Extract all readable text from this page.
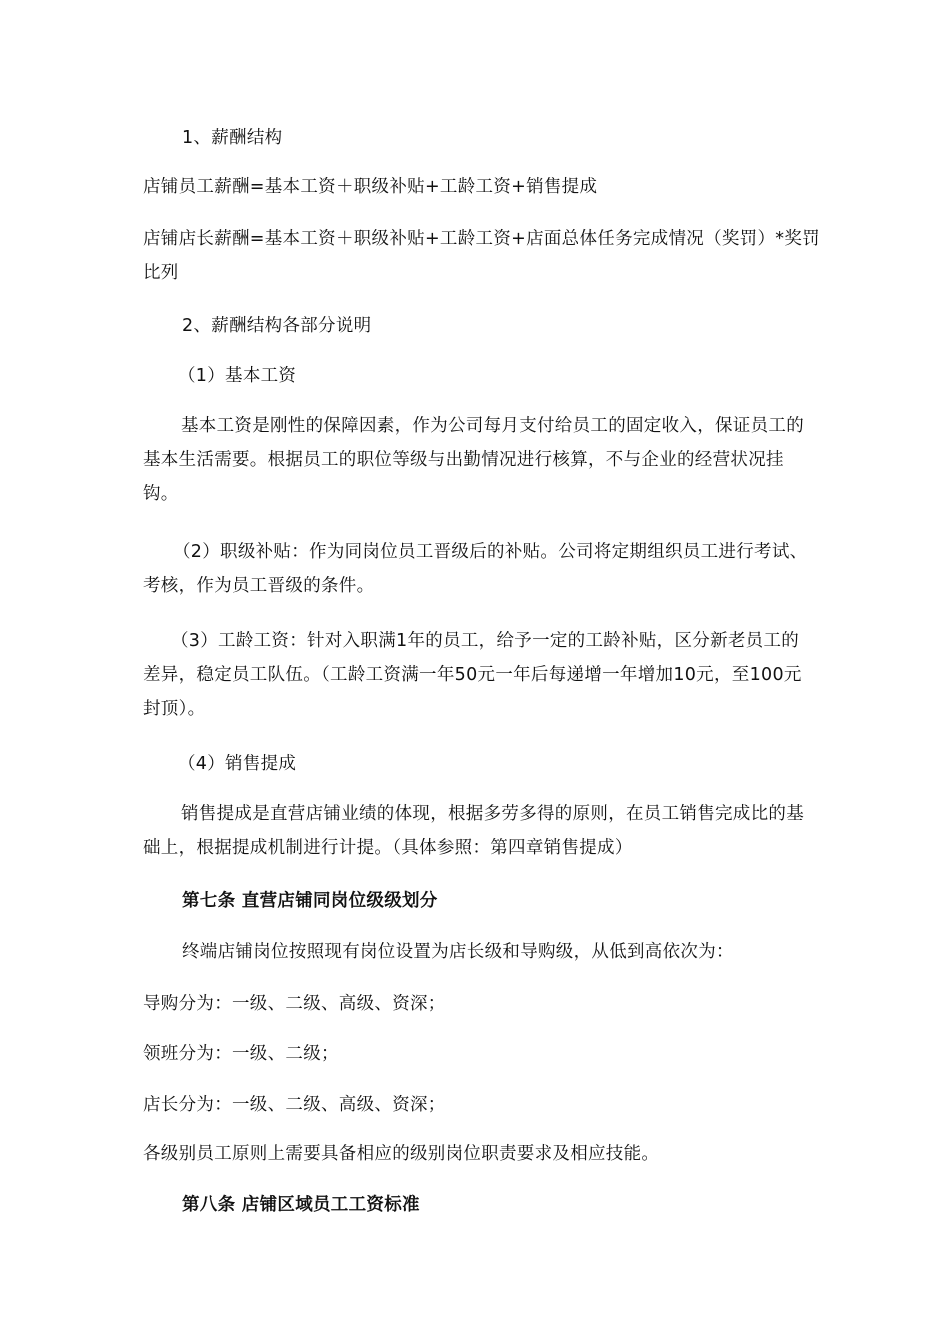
1、薪酬结构
店铺员工薪酬=基本工资＋职级补贴+工龄工资+销售提成
店铺店长薪酬=基本工资＋职级补贴+工龄工资+店面总体任务完成情况（奖罚）*奖罚比列
2、薪酬结构各部分说明
（1）基本工资
基本工资是刚性的保障因素，作为公司每月支付给员工的固定收入，保证员工的基本生活需要。根据员工的职位等级与出勤情况进行核算，不与企业的经营状况挂钩。
（2）职级补贴：作为同岗位员工晋级后的补贴。公司将定期组织员工进行考试、考核，作为员工晋级的条件。
（3）工龄工资：针对入职满1年的员工，给予一定的工龄补贴，区分新老员工的差异，稳定员工队伍。（工龄工资满一年50元一年后每递增一年增加10元，至100元封顶）。
（4）销售提成
销售提成是直营店铺业绩的体现，根据多劳多得的原则，在员工销售完成比的基础上，根据提成机制进行计提。（具体参照：第四章销售提成）
第七条 直营店铺同岗位级级划分
终端店铺岗位按照现有岗位设置为店长级和导购级，从低到高依次为：
导购分为：一级、二级、高级、资深；
领班分为：一级、二级；
店长分为：一级、二级、高级、资深；
各级别员工原则上需要具备相应的级别岗位职责要求及相应技能。
第八条 店铺区域员工工资标准
